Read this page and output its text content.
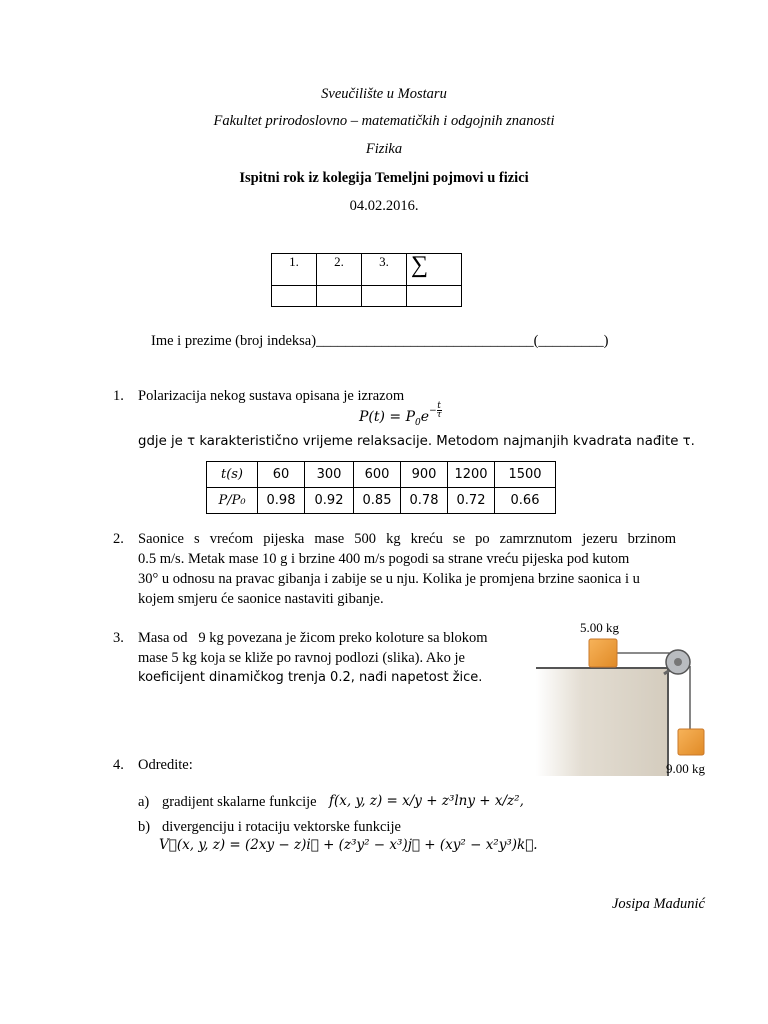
Sveučilište u Mostaru
Fakultet prirodoslovno – matematičkih i odgojnih znanosti
Fizika
Ispitni rok iz kolegija Temeljni pojmovi u fizici
04.02.2016.
1.	2.	3.	∑

Ime i prezime (broj indeksa)______________________________(_________)
1. Polarizacija nekog sustava opisana je izrazom
$P(t) = P_0e^{- \frac{t}{\tau}}$
gdje je τ karakteristično vrijeme relaksacije. Metodom najmanjih kvadrata nađite τ.
t(s)	60	300	600	900	1200	1500
P/P₀	0.98	0.92	0.85	0.78	0.72	0.66
2. Saonice s vrećom pijeska mase 500 kg kreću se po zamrznutom jezeru brzinom
0.5 m/s. Metak mase 10 g i brzine 400 m/s pogodi sa strane vreću pijeska pod kutom
30° u odnosu na pravac gibanja i zabije se u nju. Kolika je promjena brzine saonica i u
kojem smjeru će saonice nastaviti gibanje.
3. Masa od   9 kg povezana je žicom preko koloture sa blokom
mase 5 kg koja se kliže po ravnoj podlozi (slika). Ako je
koeficijent dinamičkog trenja 0.2, nađi napetost žice.
5.00 kg
9.00 kg
4. Odredite:
a) gradijent skalarne funkcije f(x, y, z) = x/y + z³lny + x/z²,
b) divergenciju i rotaciju vektorske funkcije
V⃗(x, y, z) = (2xy − z)i⃗ + (z³y² − x³)j⃗ + (xy² − x²y³)k⃗.
Josipa Madunić
